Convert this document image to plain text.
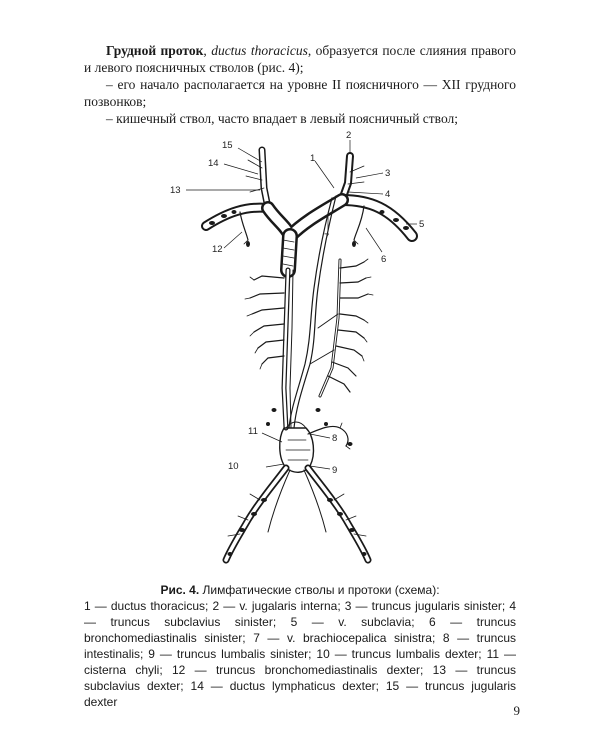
Грудной проток, ductus thoracicus, образуется после слияния правого и левого поясничных стволов (рис. 4);

– его начало располагается на уровне II поясничного — XII грудного позвонков;

– кишечный ствол, часто впадает в левый поясничный ствол;

1
2
3
4
5
6
7
8
9
10
11
12
13
14
15

Рис. 4. Лимфатические стволы и протоки (схема):

1 — ductus thoracicus; 2 — v. jugalaris interna; 3 — truncus jugularis sinister; 4 — truncus subclavius sinister; 5 — v. subclavia; 6 — truncus bronchomediastinalis sinister; 7 — v. brachiocepalica sinistra; 8 — truncus intestinalis; 9 — truncus lumbalis sinister; 10 — truncus lumbalis dexter; 11 — cisterna chyli; 12 — truncus bronchomediastinalis dexter; 13 — truncus subclavius dexter; 14 — ductus lymphaticus dexter; 15 — truncus jugularis dexter

9
